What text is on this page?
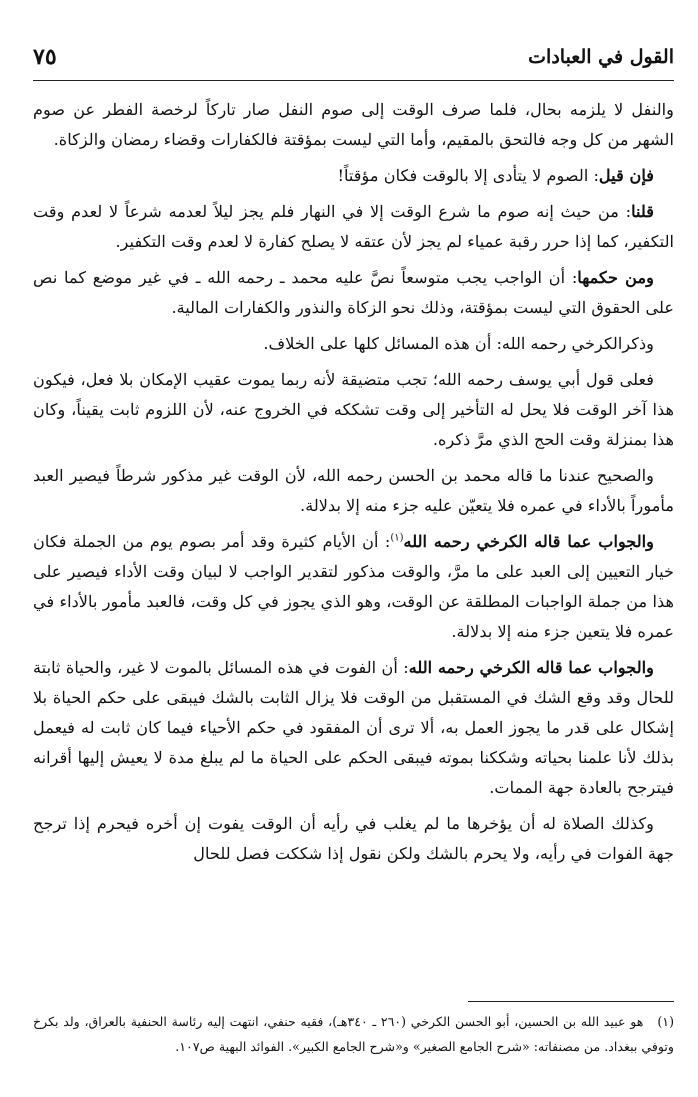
القول في العبادات
٧٥

والنفل لا يلزمه بحال، فلما صرف الوقت إلى صوم النفل صار تاركاً لرخصة الفطر عن صوم الشهر من كل وجه فالتحق بالمقيم، وأما التي ليست بمؤقتة فالكفارات وقضاء رمضان والزكاة.

فإن قيل: الصوم لا يتأدى إلا بالوقت فكان مؤقتاً!

قلنا: من حيث إنه صوم ما شرع الوقت إلا في النهار فلم يجز ليلاً لعدمه شرعاً لا لعدم وقت التكفير، كما إذا حرر رقبة عمياء لم يجز لأن عتقه لا يصلح كفارة لا لعدم وقت التكفير.

ومن حكمها: أن الواجب يجب متوسعاً نصَّ عليه محمد ـ رحمه الله ـ في غير موضع كما نص على الحقوق التي ليست بمؤقتة، وذلك نحو الزكاة والنذور والكفارات المالية.

وذكرالكرخي رحمه الله: أن هذه المسائل كلها على الخلاف.

فعلى قول أبي يوسف رحمه الله؛ تجب متضيقة لأنه ربما يموت عقيب الإمكان بلا فعل، فيكون هذا آخر الوقت فلا يحل له التأخير إلى وقت تشككه في الخروج عنه، لأن اللزوم ثابت يقيناً، وكان هذا بمنزلة وقت الحج الذي مرَّ ذكره.

والصحيح عندنا ما قاله محمد بن الحسن رحمه الله، لأن الوقت غير مذكور شرطاً فيصير العبد مأموراً بالأداء في عمره فلا يتعيّن عليه جزء منه إلا بدلالة.

والجواب عما قاله الكرخي رحمه الله$^{(١)}$: أن الأيام كثيرة وقد أمر بصوم يوم من الجملة فكان خيار التعيين إلى العبد على ما مرَّ، والوقت مذكور لتقدير الواجب لا لبيان وقت الأداء فيصير على هذا من جملة الواجبات المطلقة عن الوقت، وهو الذي يجوز في كل وقت، فالعبد مأمور بالأداء في عمره فلا يتعين جزء منه إلا بدلالة.

والجواب عما قاله الكرخي رحمه الله: أن الفوت في هذه المسائل بالموت لا غير، والحياة ثابتة للحال وقد وقع الشك في المستقبل من الوقت فلا يزال الثابت بالشك فيبقى على حكم الحياة بلا إشكال على قدر ما يجوز العمل به، ألا ترى أن المفقود في حكم الأحياء فيما كان ثابت له فيعمل بذلك لأنا علمنا بحياته وشككنا بموته فيبقى الحكم على الحياة ما لم يبلغ مدة لا يعيش إليها أقرانه فيترجح بالعادة جهة الممات.

وكذلك الصلاة له أن يؤخرها ما لم يغلب في رأيه أن الوقت يفوت إن أخره فيحرم إذا ترجح جهة الفوات في رأيه، ولا يحرم بالشك ولكن نقول إذا شككت فصل للحال

(١)هو عبيد الله بن الحسين، أبو الحسن الكرخي (٢٦٠ ـ ٣٤٠هـ)، فقيه حنفي، انتهت إليه رئاسة الحنفية بالعراق، ولد بكرخ وتوفي ببغداد. من مصنفاته: «شرح الجامع الصغير» و«شرح الجامع الكبير». الفوائد البهية ص١٠٧.
